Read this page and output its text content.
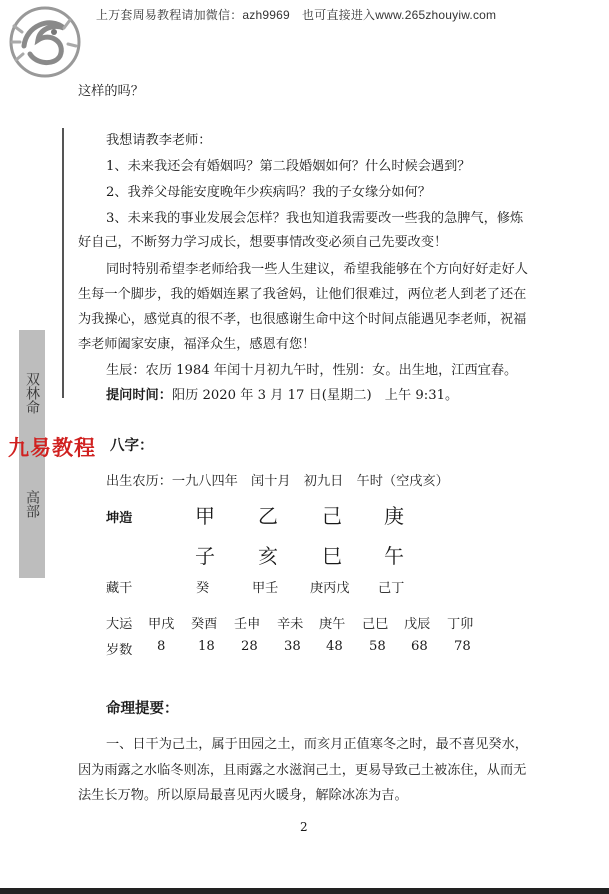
上万套周易教程请加微信：azh9969　也可直接进入www.265zhouyiw.com
双林命
高部
这样的吗？
我想请教李老师：
1、未来我还会有婚姻吗？第二段婚姻如何？什么时候会遇到？
2、我养父母能安度晚年少疾病吗？我的子女缘分如何？
3、未来我的事业发展会怎样？我也知道我需要改一些我的急脾气，修炼
好自己，不断努力学习成长，想要事情改变必须自己先要改变！
同时特别希望李老师给我一些人生建议，希望我能够在个方向好好走好人
生每一个脚步，我的婚姻连累了我爸妈，让他们很难过，两位老人到老了还在
为我操心，感觉真的很不孝，也很感谢生命中这个时间点能遇见李老师，祝福
李老师阖家安康，福泽众生，感恩有您！
生辰：农历 1984 年闰十月初九午时，性别：女。出生地，江西宜春。
提问时间：阳历 2020 年 3 月 17 日(星期二)　上午 9:31。
九易教程 八字：
出生农历：一九八四年　闰十月　初九日　午时（空戌亥）
坤造	甲 乙 己 庚
子 亥 巳 午
藏干	癸	甲壬 庚丙戊 己丁
大运 甲戌 癸酉 壬申 辛未 庚午 己巳 戊辰 丁卯
岁数 8 18 28 38 48 58 68 78
命理提要：
一、日干为己土，属于田园之土，而亥月正值寒冬之时，最不喜见癸水，
因为雨露之水临冬则冻，且雨露之水滋润己土，更易导致己土被冻住，从而无
法生长万物。所以原局最喜见丙火暖身，解除冰冻为吉。
2
